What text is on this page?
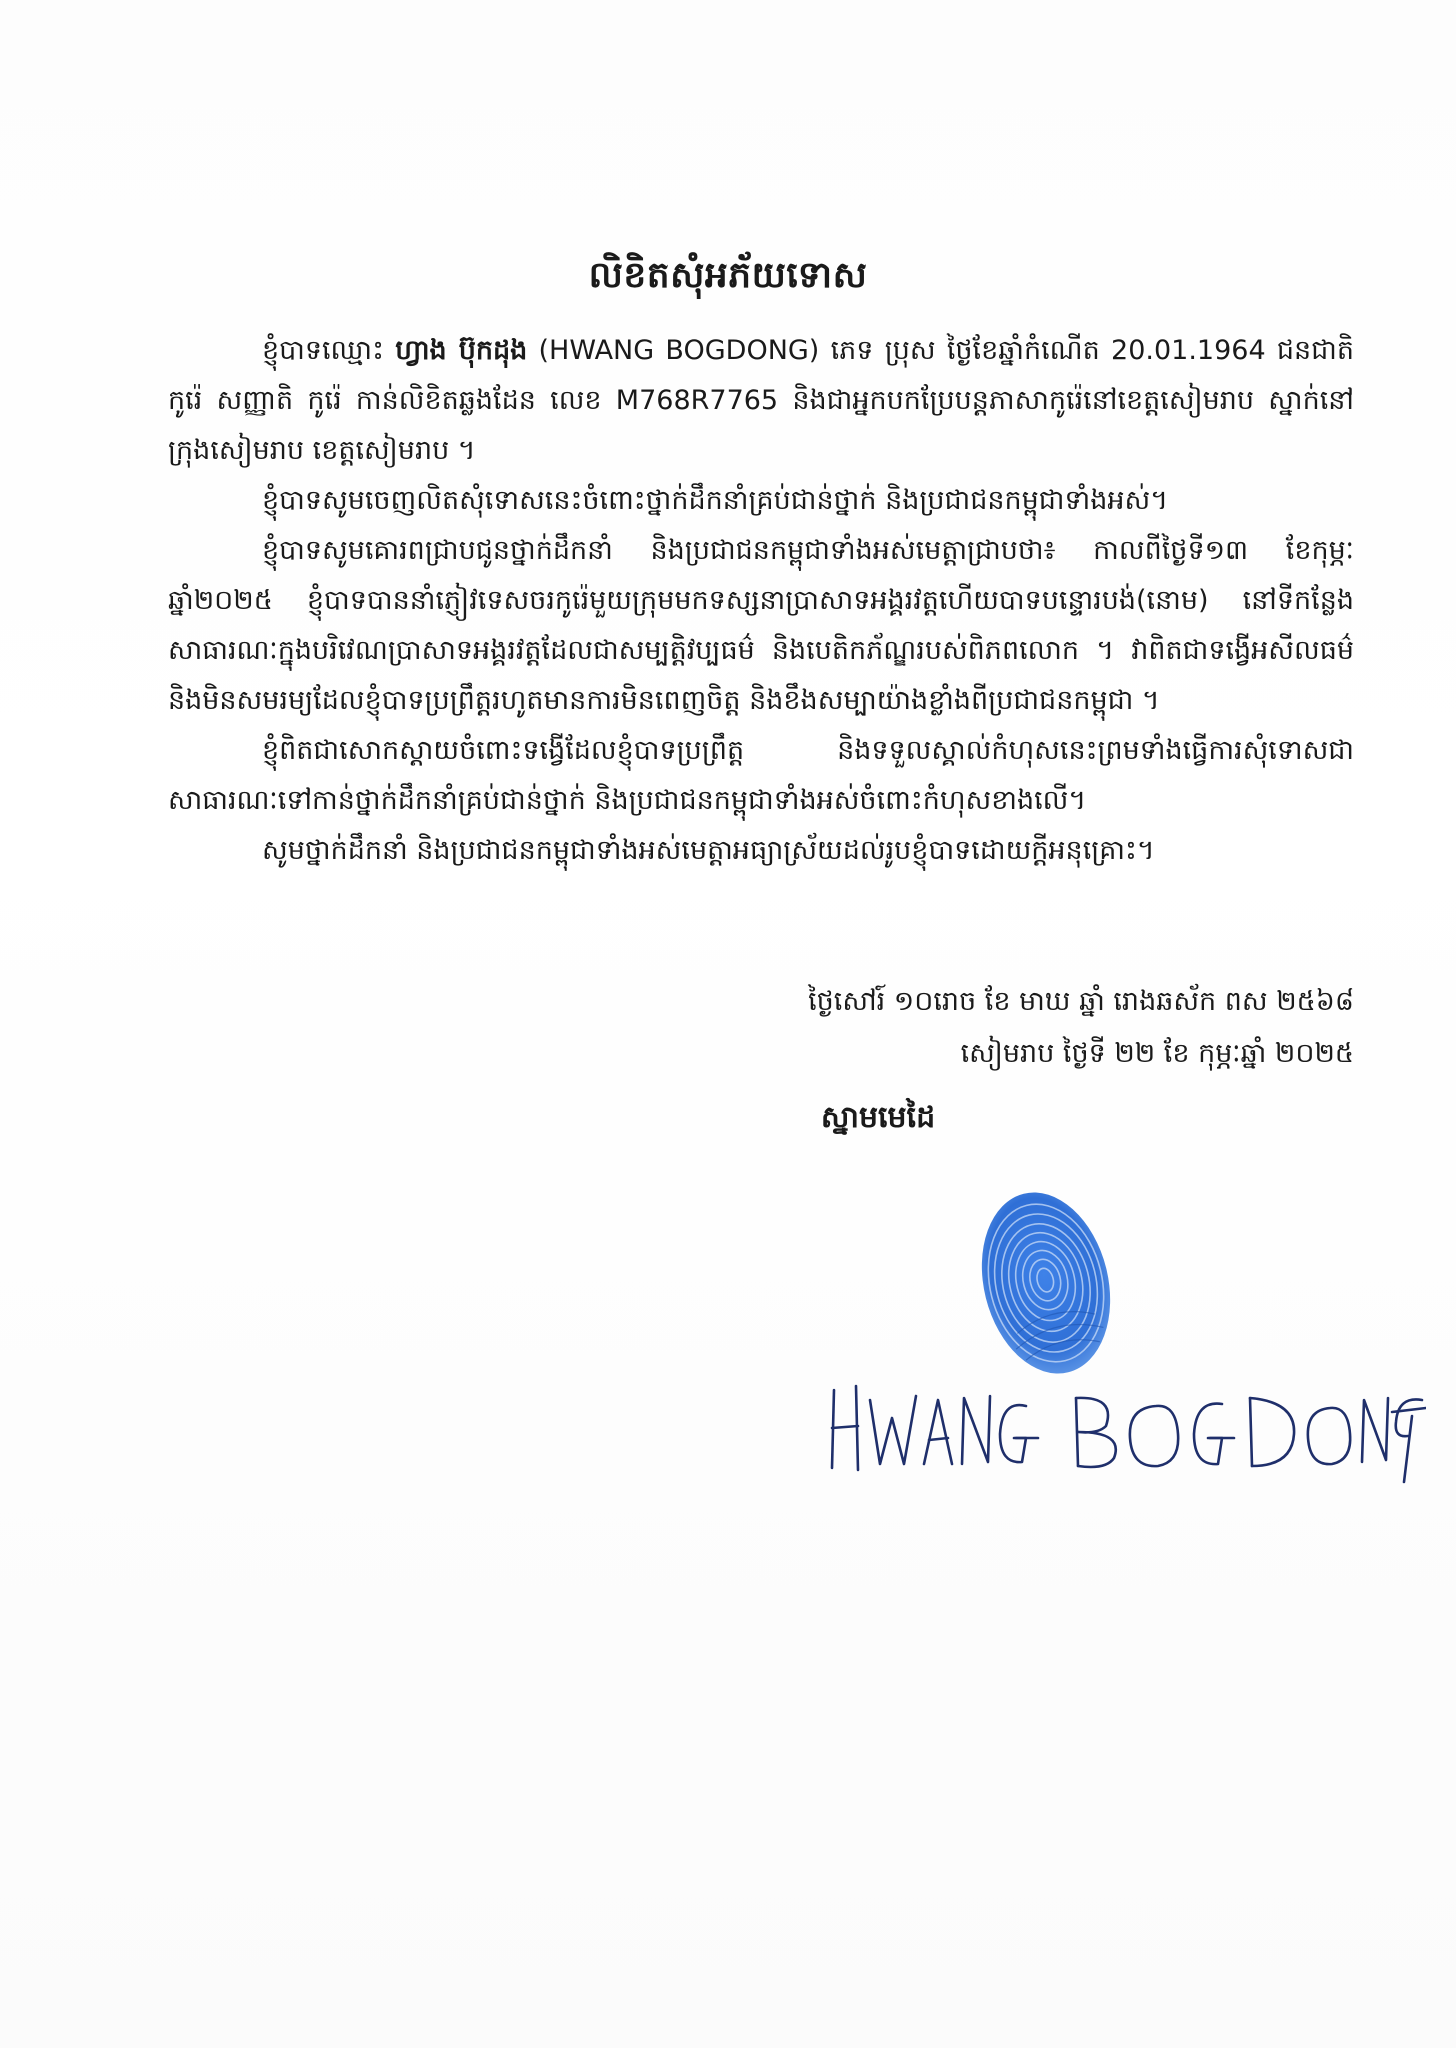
លិខិតសុំអភ័យទោស

ខ្ញុំបាទឈ្មោះ ហ្វាង ប៊ុកដុង (HWANG BOGDONG) ភេទ ប្រុស ថ្ងៃខែឆ្នាំកំណើត 20.01.1964 ជនជាតិកូរ៉េ សញ្ញាតិ កូរ៉េ កាន់លិខិតឆ្លងដែន លេខ M768R7765 និងជាអ្នកបកប្រែបន្តភាសាកូរ៉េនៅខេត្តសៀមរាប ស្នាក់នៅ ក្រុងសៀមរាប ខេត្តសៀមរាប ។

ខ្ញុំបាទសូមចេញលិតសុំទោសនេះចំពោះថ្នាក់ដឹកនាំគ្រប់ជាន់ថ្នាក់ និងប្រជាជនកម្ពុជាទាំងអស់។

ខ្ញុំបាទសូមគោរពជ្រាបជូនថ្នាក់ដឹកនាំ និងប្រជាជនកម្ពុជាទាំងអស់មេត្តាជ្រាបថា៖ កាលពីថ្ងៃទី១៣ ខែកុម្ភៈ ឆ្នាំ២០២៥ ខ្ញុំបាទបាននាំភ្ញៀវទេសចរកូរ៉េមួយក្រុមមកទស្សនាប្រាសាទអង្គរវត្តហើយបាទបន្ទោរបង់(នោម) នៅទីកន្លែងសាធារណៈក្នុងបរិវេណប្រាសាទអង្គរវត្តដែលជាសម្បត្តិវប្បធម៌ និងបេតិកភ័ណ្ឌរបស់ពិភពលោក ។ វាពិតជាទង្វើអសីលធម៌ និងមិនសមរម្យដែលខ្ញុំបាទប្រព្រឹត្តរហូតមានការមិនពេញចិត្ត និងខឹងសម្បាយ៉ាងខ្លាំងពីប្រជាជនកម្ពុជា ។

ខ្ញុំពិតជាសោកស្ដាយចំពោះទង្វើដែលខ្ញុំបាទប្រព្រឹត្ត និងទទួលស្គាល់កំហុសនេះព្រមទាំងធ្វើការសុំទោសជាសាធារណៈទៅកាន់ថ្នាក់ដឹកនាំគ្រប់ជាន់ថ្នាក់ និងប្រជាជនកម្ពុជាទាំងអស់ចំពោះកំហុសខាងលើ។

សូមថ្នាក់ដឹកនាំ និងប្រជាជនកម្ពុជាទាំងអស់មេត្តាអធ្យាស្រ័យដល់រូបខ្ញុំបាទដោយក្ដីអនុគ្រោះ។

ថ្ងៃសៅរ៍ ១០រោច ខែ មាឃ ឆ្នាំ រោងឆស័ក ពស ២៥៦៨
សៀមរាប ថ្ងៃទី ២២ ខែ កុម្ភៈឆ្នាំ ២០២៥
ស្នាមមេដៃ
